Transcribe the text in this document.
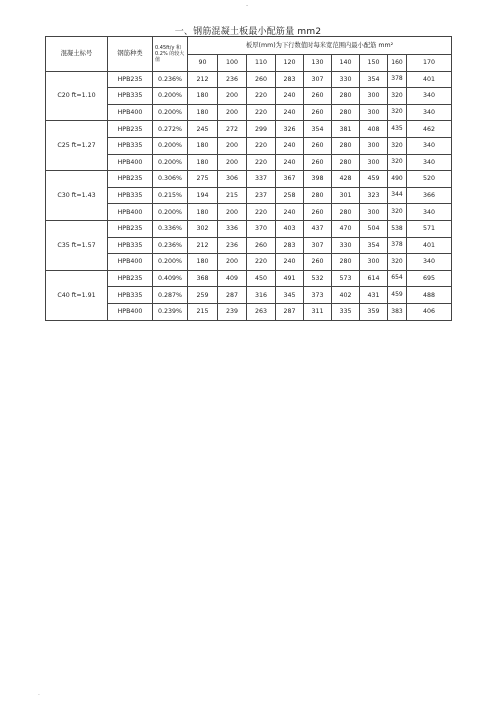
-
一、钢筋混凝土板最小配筋量 mm2
混凝土标号	钢筋种类	0.45ft/y 和 0.2% 的较大值	板厚(mm)为下行数值时每米宽范围内最小配筋 mm²								
			90	100	110	120	130	140	150	160	170
C20 ft=1.10	HPB235	0.236%	212	236	260	283	307	330	354	378	401
	HPB335	0.200%	180	200	220	240	260	280	300	320	340
	HPB400	0.200%	180	200	220	240	260	280	300	320	340
C25 ft=1.27	HPB235	0.272%	245	272	299	326	354	381	408	435	462
	HPB335	0.200%	180	200	220	240	260	280	300	320	340
	HPB400	0.200%	180	200	220	240	260	280	300	320	340
C30 ft=1.43	HPB235	0.306%	275	306	337	367	398	428	459	490	520
	HPB335	0.215%	194	215	237	258	280	301	323	344	366
	HPB400	0.200%	180	200	220	240	260	280	300	320	340
C35 ft=1.57	HPB235	0.336%	302	336	370	403	437	470	504	538	571
	HPB335	0.236%	212	236	260	283	307	330	354	378	401
	HPB400	0.200%	180	200	220	240	260	280	300	320	340
C40 ft=1.91	HPB235	0.409%	368	409	450	491	532	573	614	654	695
	HPB335	0.287%	259	287	316	345	373	402	431	459	488
	HPB400	0.239%	215	239	263	287	311	335	359	383	406
.
